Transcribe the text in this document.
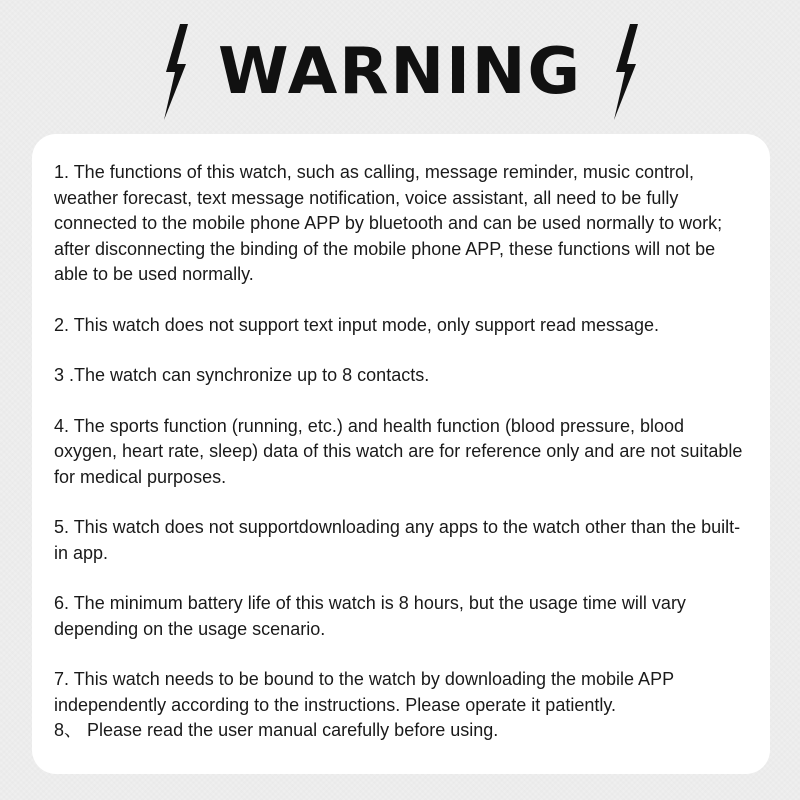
WARNING

1. The functions of this watch, such as calling, message reminder, music control, weather forecast, text message notification, voice assistant, all need to be fully connected to the mobile phone APP by bluetooth and can be used normally to work; after disconnecting the binding of the mobile phone APP, these functions will not be able to be used normally.

2. This watch does not support text input mode, only support read message.

3 .The watch can synchronize up to 8 contacts.

4. The sports function (running, etc.) and health function (blood pressure, blood oxygen, heart rate, sleep) data of this watch are for reference only and are not suitable for medical purposes.

5. This watch does not supportdownloading any apps to the watch other than the built-in app.

6. The minimum battery life of this watch is 8 hours, but the usage time will vary depending on the usage scenario.

7. This watch needs to be bound to the watch by downloading the mobile APP independently according to the instructions. Please operate it patiently.

8、 Please read the user manual carefully before using.
